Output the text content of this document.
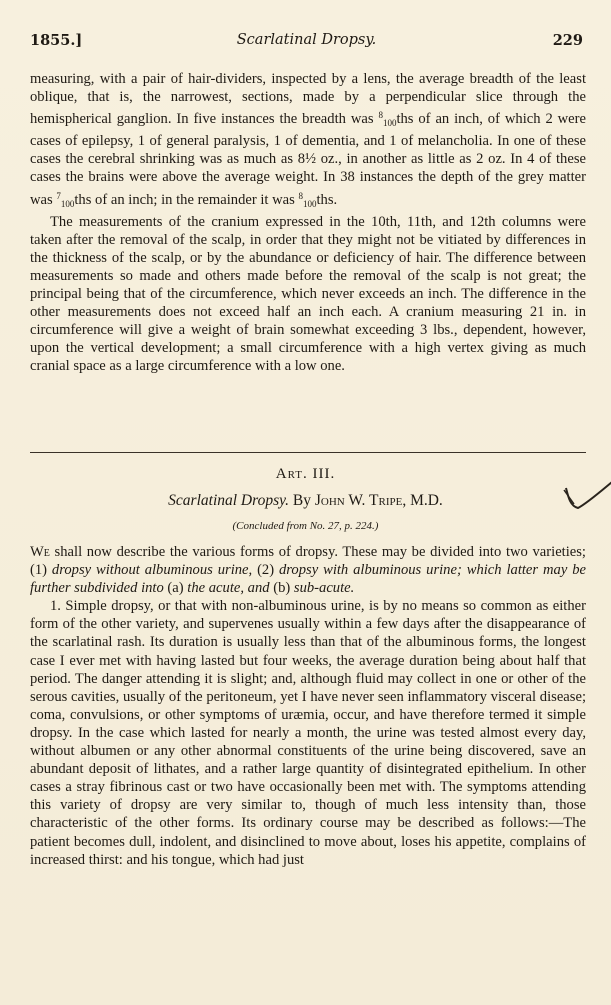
1855.]	Scarlatinal Dropsy.	229

measuring, with a pair of hair-dividers, inspected by a lens, the average breadth of the least oblique, that is, the narrowest, sections, made by a perpendicular slice through the hemispherical ganglion. In five instances the breadth was $^8_{100}$ths of an inch, of which 2 were cases of epilepsy, 1 of general paralysis, 1 of dementia, and 1 of melancholia. In one of these cases the cerebral shrinking was as much as 8½ oz., in another as little as 2 oz. In 4 of these cases the brains were above the average weight. In 38 instances the depth of the grey matter was $^7_{100}$ths of an inch; in the remainder it was $^8_{100}$ths.

The measurements of the cranium expressed in the 10th, 11th, and 12th columns were taken after the removal of the scalp, in order that they might not be vitiated by differences in the thickness of the scalp, or by the abundance or deficiency of hair. The difference between measurements so made and others made before the removal of the scalp is not great; the principal being that of the circumference, which never exceeds an inch. The difference in the other measurements does not exceed half an inch each. A cranium measuring 21 in. in circumference will give a weight of brain somewhat exceeding 3 lbs., dependent, however, upon the vertical development; a small circumference with a high vertex giving as much cranial space as a large circumference with a low one.

Art. III.
Scarlatinal Dropsy. By John W. Tripe, M.D.
(Concluded from No. 27, p. 224.)

We shall now describe the various forms of dropsy. These may be divided into two varieties; (1) dropsy without albuminous urine, (2) dropsy with albuminous urine; which latter may be further subdivided into (a) the acute, and (b) sub-acute.

1. Simple dropsy, or that with non-albuminous urine, is by no means so common as either form of the other variety, and supervenes usually within a few days after the disappearance of the scarlatinal rash. Its duration is usually less than that of the albuminous forms, the longest case I ever met with having lasted but four weeks, the average duration being about half that period. The danger attending it is slight; and, although fluid may collect in one or other of the serous cavities, usually of the peritoneum, yet I have never seen inflammatory visceral disease; coma, convulsions, or other symptoms of uræmia, occur, and have therefore termed it simple dropsy. In the case which lasted for nearly a month, the urine was tested almost every day, without albumen or any other abnormal constituents of the urine being discovered, save an abundant deposit of lithates, and a rather large quantity of disintegrated epithelium. In other cases a stray fibrinous cast or two have occasionally been met with. The symptoms attending this variety of dropsy are very similar to, though of much less intensity than, those characteristic of the other forms. Its ordinary course may be described as follows:—The patient becomes dull, indolent, and disinclined to move about, loses his appetite, complains of increased thirst: and his tongue, which had just
